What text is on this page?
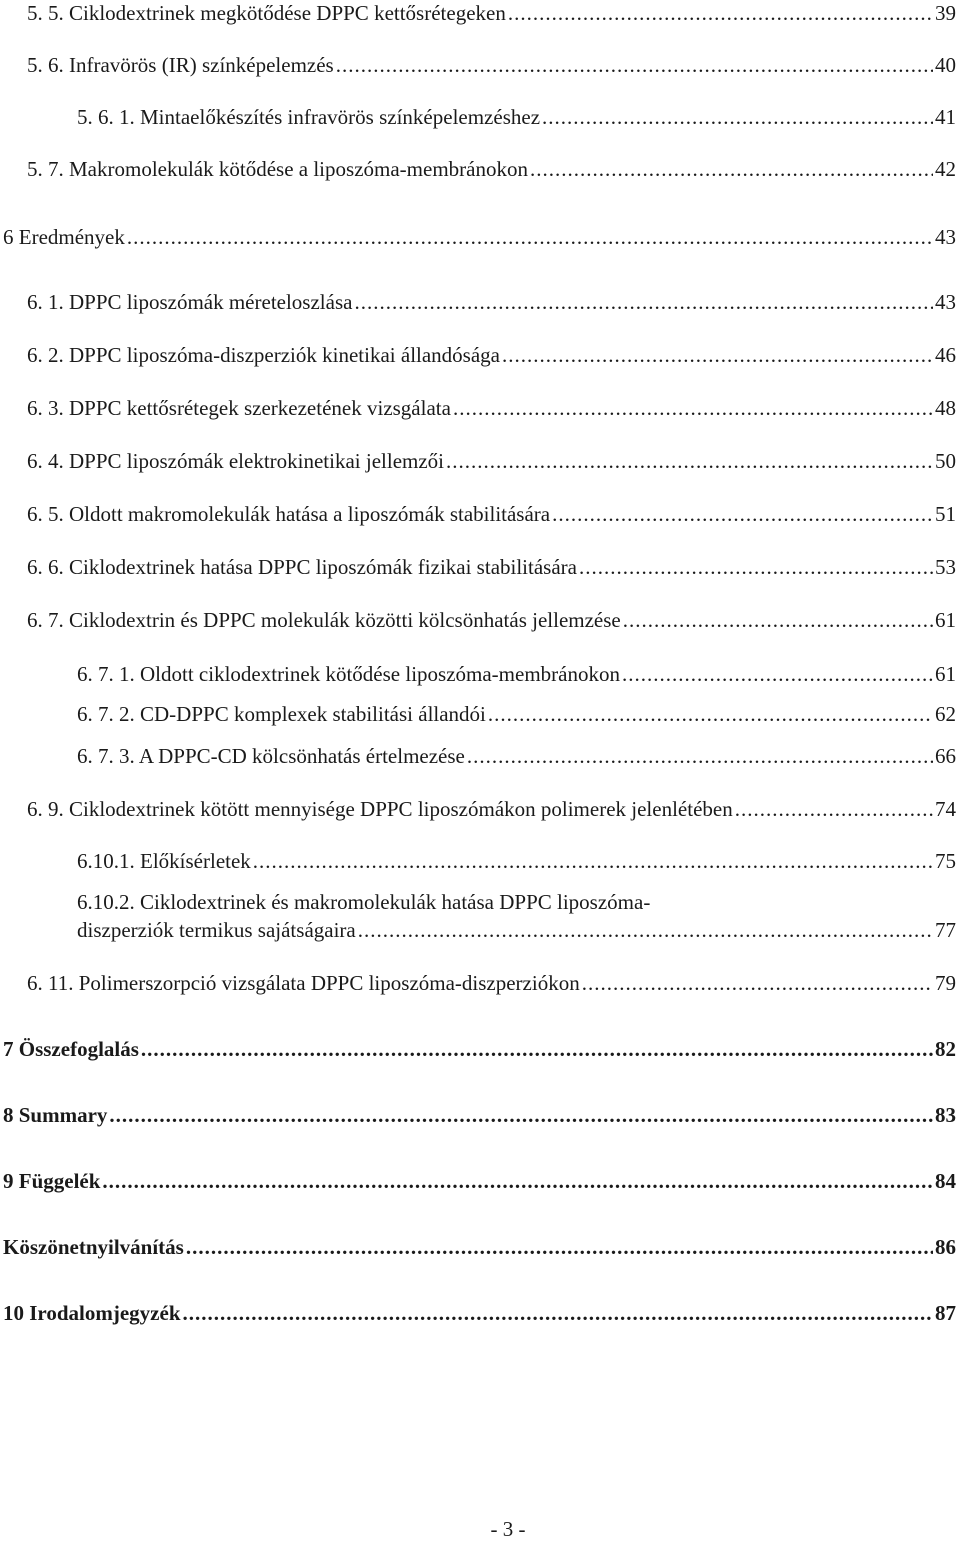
5. 5. Ciklodextrinek megkötődése DPPC kettősrétegeken .....	39
5. 6. Infravörös (IR) színképelemzés .....	40
5. 6. 1. Mintaelőkészítés infravörös színképelemzéshez .....	41
5. 7. Makromolekulák kötődése a liposzóma-membránokon .....	42
6 Eredmények .....	43
6. 1. DPPC liposzómák méreteloszlása .....	43
6. 2. DPPC liposzóma-diszperziók kinetikai állandósága .....	46
6. 3. DPPC kettősrétegek szerkezetének vizsgálata .....	48
6. 4. DPPC liposzómák elektrokinetikai jellemzői .....	50
6. 5. Oldott makromolekulák hatása a liposzómák stabilitására .....	51
6. 6. Ciklodextrinek hatása DPPC liposzómák fizikai stabilitására .....	53
6. 7. Ciklodextrin és DPPC molekulák közötti kölcsönhatás jellemzése .....	61
6. 7. 1. Oldott ciklodextrinek kötődése liposzóma-membránokon .....	61
6. 7. 2. CD-DPPC komplexek stabilitási állandói .....	62
6. 7. 3. A DPPC-CD kölcsönhatás értelmezése .....	66
6. 9. Ciklodextrinek kötött mennyisége DPPC liposzómákon polimerek jelenlétében .....	74
6.10.1. Előkísérletek .....	75
6.10.2. Ciklodextrinek és makromolekulák hatása DPPC liposzóma-
diszperziók termikus sajátságaira .....	77
6. 11. Polimerszorpció vizsgálata DPPC liposzóma-diszperziókon .....	79
7 Összefoglalás .....	82
8 Summary .....	83
9 Függelék .....	84
Köszönetnyilvánítás .....	86
10 Irodalomjegyzék .....	87
- 3 -
